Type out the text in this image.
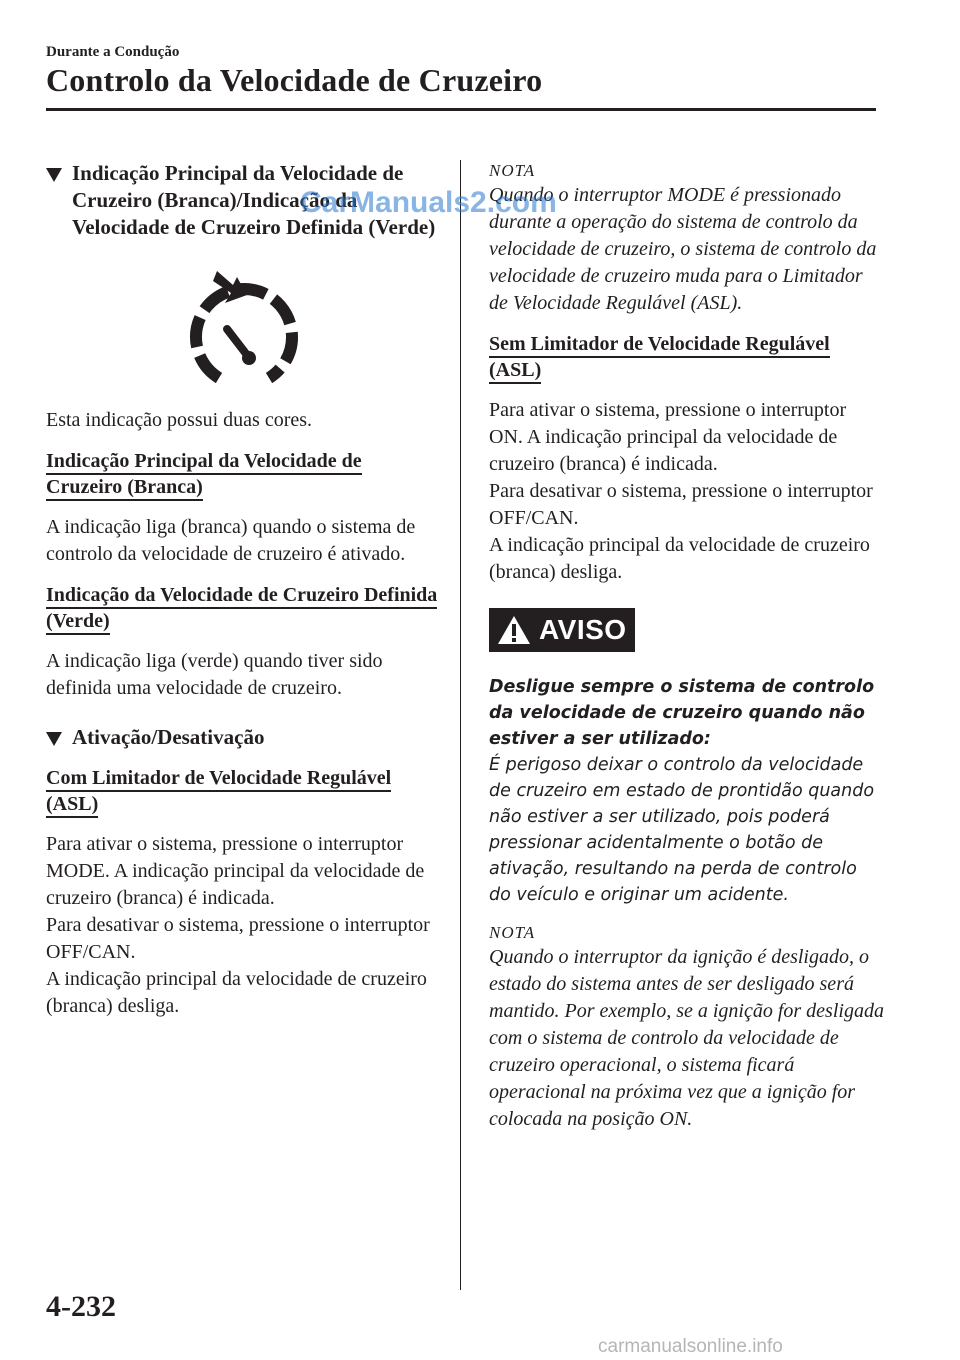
Durante a Condução
Controlo da Velocidade de Cruzeiro
Indicação Principal da Velocidade de Cruzeiro (Branca)/Indicação da Velocidade de Cruzeiro Definida (Verde)
Esta indicação possui duas cores.
Indicação Principal da Velocidade de Cruzeiro (Branca)
A indicação liga (branca) quando o sistema de controlo da velocidade de cruzeiro é ativado.
Indicação da Velocidade de Cruzeiro Definida (Verde)
A indicação liga (verde) quando tiver sido definida uma velocidade de cruzeiro.
Ativação/Desativação
Com Limitador de Velocidade Regulável (ASL)
Para ativar o sistema, pressione o interruptor MODE. A indicação principal da velocidade de cruzeiro (branca) é indicada.
Para desativar o sistema, pressione o interruptor OFF/CAN.
A indicação principal da velocidade de cruzeiro (branca) desliga.
NOTA
Quando o interruptor MODE é pressionado durante a operação do sistema de controlo da velocidade de cruzeiro, o sistema de controlo da velocidade de cruzeiro muda para o Limitador de Velocidade Regulável (ASL).
Sem Limitador de Velocidade Regulável (ASL)
Para ativar o sistema, pressione o interruptor ON. A indicação principal da velocidade de cruzeiro (branca) é indicada.
Para desativar o sistema, pressione o interruptor OFF/CAN.
A indicação principal da velocidade de cruzeiro (branca) desliga.
AVISO
Desligue sempre o sistema de controlo da velocidade de cruzeiro quando não estiver a ser utilizado:
É perigoso deixar o controlo da velocidade de cruzeiro em estado de prontidão quando não estiver a ser utilizado, pois poderá pressionar acidentalmente o botão de ativação, resultando na perda de controlo do veículo e originar um acidente.
NOTA
Quando o interruptor da ignição é desligado, o estado do sistema antes de ser desligado será mantido. Por exemplo, se a ignição for desligada com o sistema de controlo da velocidade de cruzeiro operacional, o sistema ficará operacional na próxima vez que a ignição for colocada na posição ON.
4-232
CarManuals2.com
carmanualsonline.info
